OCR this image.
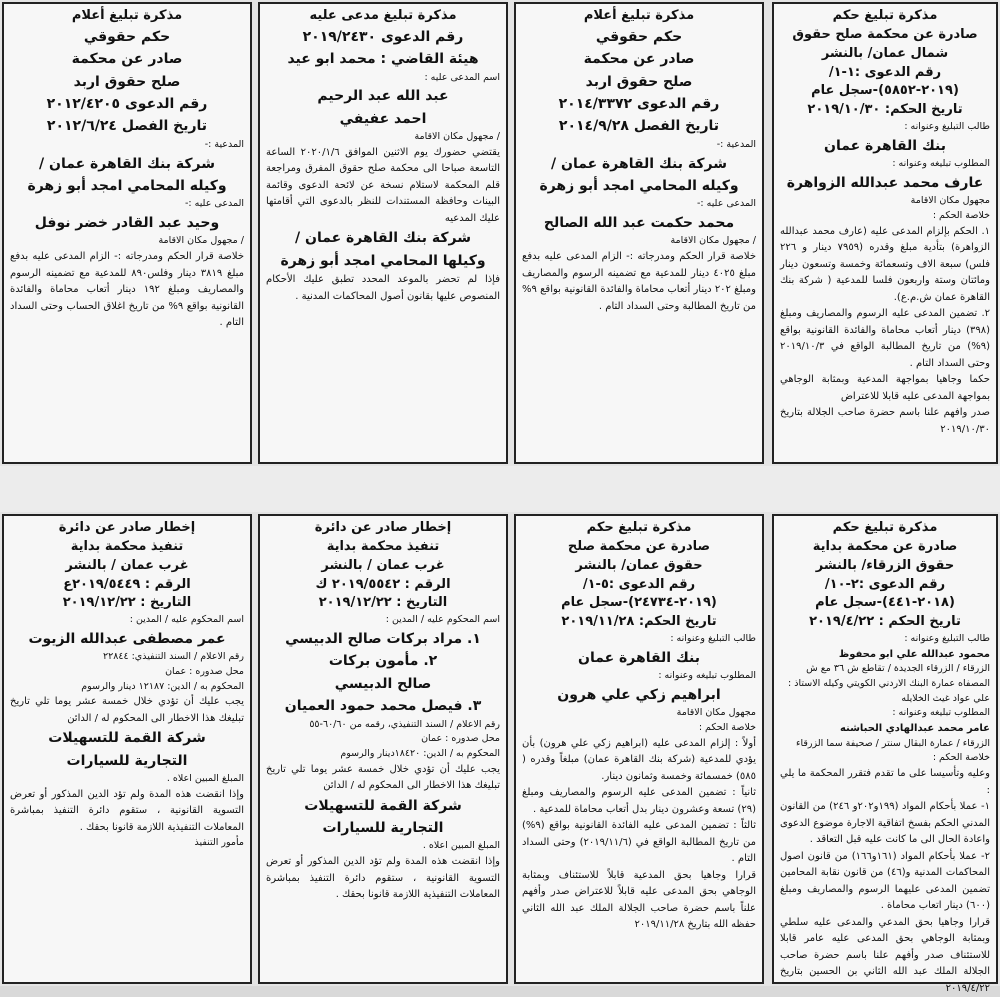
مذكرة تبليغ حكم
صادرة عن محكمة صلح حقوق
شمال عمان/ بالنشر
رقم الدعوى :١-١/
(٢٠١٩-٥٨٥٢)-سجل عام
تاريخ الحكم: ٢٠١٩/١٠/٣٠
طالب التبليغ وعنوانه :
بنك القاهرة عمان
المطلوب تبليغه وعنوانه :
عارف محمد عبدالله الزواهرة
مجهول مكان الاقامة
خلاصة الحكم :
١. الحكم بإلزام المدعى عليه (عارف محمد عبدالله الزواهرة) بتأدية مبلغ وقدره (٧٩٥٩ دينار و ٢٢٦ فلس) سبعة الاف وتسعمائة وخمسة وتسعون دينار ومائتان وستة واربعون فلسا للمدعية ( شركة بنك القاهرة عمان ش.م.ع).
٢. تضمين المدعى عليه الرسوم والمصاريف ومبلغ (٣٩٨) دينار أتعاب محاماة والفائدة القانونية بواقع (٩%) من تاريخ المطالبة الواقع في ٢٠١٩/١٠/٣ وحتى السداد التام .
حكما وجاهيا بمواجهة المدعية وبمثابة الوجاهي بمواجهة المدعى عليه قابلا للاعتراض
صدر وافهم علنا باسم حضرة صاحب الجلالة بتاريخ ٢٠١٩/١٠/٣٠
مذكرة تبليغ أعلام
حكم حقوقي
صادر عن محكمة
صلح حقوق اربد
رقم الدعوى ٢٠١٤/٣٣٧٢
تاريخ الفصل ٢٠١٤/٩/٢٨
المدعية :-
شركة بنك القاهرة عمان /
وكيله المحامي امجد أبو زهرة
المدعى عليه :-
محمد حكمت عبد الله الصالح
/ مجهول مكان الاقامة
خلاصة قرار الحكم ومدرجاته :- الزام المدعى عليه بدفع مبلغ ٤٠٢٥ دينار للمدعية مع تضمينه الرسوم والمصاريف ومبلغ ٢٠٢ دينار أتعاب محاماة والفائدة القانونية بواقع ٩% من تاريخ المطالبة وحتى السداد التام .
مذكرة تبليغ مدعى عليه
رقم الدعوى ٢٠١٩/٢٤٣٠
هيئة القاضي : محمد ابو عيد
اسم المدعى عليه :
عبد الله عبد الرحيم
احمد عفيفي
/ مجهول مكان الاقامة
يقتضي حضورك يوم الاثنين الموافق ٢٠٢٠/١/٦ الساعة التاسعة صباحا الى محكمة صلح حقوق المفرق ومراجعة قلم المحكمة لاستلام نسخة عن لائحة الدعوى وقائمة البينات وحافظة المستندات للنظر بالدعوى التي أقامتها عليك المدعيه
شركة بنك القاهرة عمان /
وكيلها المحامي امجد أبو زهرة
فإذا لم تحضر بالموعد المحدد تطبق عليك الأحكام المنصوص عليها بقانون أصول المحاكمات المدنية .
مذكرة تبليغ أعلام
حكم حقوقي
صادر عن محكمة
صلح حقوق اربد
رقم الدعوى ٢٠١٢/٤٢٠٥
تاريخ الفصل ٢٠١٢/٦/٢٤
المدعية :-
شركة بنك القاهرة عمان /
وكيله المحامي امجد أبو زهرة
المدعى عليه :-
وحيد عبد القادر خضر نوفل
/ مجهول مكان الاقامة
خلاصة قرار الحكم ومدرجاته :- الزام المدعى عليه بدفع مبلغ ٣٨١٩ دينار وفلس٨٩٠ للمدعية مع تضمينه الرسوم والمصاريف ومبلغ ١٩٢ دينار أتعاب محاماة والفائدة القانونية بواقع ٩% من تاريخ اغلاق الحساب وحتى السداد التام .
مذكرة تبليغ حكم
صادرة عن محكمة بداية
حقوق الزرقاء/ بالنشر
رقم الدعوى :٢-١٠/
(٢٠١٨-٤٤١)-سجل عام
تاريخ الحكم : ٢٠١٩/٤/٢٢
طالب التبليغ وعنوانه :
محمود عبدالله علي ابو محفوظ
الزرقاء / الزرقاء الجديدة / تقاطع ش ٣٦ مع ش المصفاه عمارة البنك الاردني الكويتي وكيله الاستاذ : علي عواد غيث الخلايله
المطلوب تبليغه وعنوانه :
عامر محمد عبدالهادي الحباشنه
الزرقاء / عمارة البقال سنتر / صحيفة سما الزرقاء
خلاصة الحكم :
وعليه وتأسيسا على ما تقدم فتقرر المحكمة ما يلي :
١- عملا بأحكام المواد (١٩٩و٢٠٢و ٢٤٦) من القانون المدني الحكم بفسخ اتفاقية الاجارة موضوع الدعوى واعادة الحال الى ما كانت عليه قبل التعاقد .
٢- عملا بأحكام المواد (١٦١و١٦٦) من قانون اصول المحاكمات المدنية و(٤٦) من قانون نقابة المحامين تضمين المدعى عليهما الرسوم والمصاريف ومبلغ (٦٠٠) دينار اتعاب محاماة .
قرارا وجاهيا بحق المدعي والمدعى عليه سلطي وبمثابة الوجاهي بحق المدعى عليه عامر قابلا للاستئناف صدر وأفهم علنا باسم حضرة صاحب الجلالة الملك عبد الله الثاني بن الحسين بتاريخ ٢٠١٩/٤/٢٢
مذكرة تبليغ حكم
صادرة عن محكمة صلح
حقوق عمان/ بالنشر
رقم الدعوى :٥-١/
(٢٠١٩-٢٤٧٣٤)-سجل عام
تاريخ الحكم: ٢٠١٩/١١/٢٨
طالب التبليغ وعنوانه :
بنك القاهرة عمان
المطلوب تبليغه وعنوانه :
ابراهيم زكي علي هرون
مجهول مكان الاقامة
خلاصة الحكم :
أولاً : إلزام المدعى عليه (ابراهيم زكي علي هرون) بأن يؤدي للمدعية (شركة بنك القاهرة عمان) مبلغاً وقدره ( ٥٨٥) خمسمائة وخمسة وثمانون دينار.
ثانياً : تضمين المدعى عليه الرسوم والمصاريف ومبلغ (٢٩) تسعة وعشرون دينار بدل أتعاب محاماة للمدعية .
ثالثاً : تضمين المدعى عليه الفائدة القانونية بواقع (٩%) من تاريخ المطالبة الواقع في (٢٠١٩/١١/٦) وحتى السداد التام .
قرارا وجاهيا بحق المدعية قابلاً للاستئناف وبمثابة الوجاهي بحق المدعى عليه قابلاً للاعتراض صدر وأفهم علناً باسم حضرة صاحب الجلالة الملك عبد الله الثاني حفظه الله بتاريخ ٢٠١٩/١١/٢٨
إخطار صادر عن دائرة
تنفيذ محكمة بداية
غرب عمان / بالنشر
الرقم : ٢٠١٩/٥٥٤٢ ك
التاريخ : ٢٠١٩/١٢/٢٢
اسم المحكوم عليه / المدين :
١. مراد بركات صالح الدبيسي
٢. مأمون بركات
صالح الدبيسي
٣. فيصل محمد حمود العميان
رقم الاعلام / السند التنفيذي، رقمه من ٦٠/٦٠-٥٥
محل صدوره : عمان
المحكوم به / الدين: ١٨٤٢٠دينار والرسوم
يجب عليك أن تؤدي خلال خمسة عشر يوما تلي تاريخ تبليغك هذا الاخطار الى المحكوم له / الدائن
شركة القمة للتسهيلات
التجارية للسيارات
المبلغ المبين اعلاه .
وإذا انقضت هذه المدة ولم تؤد الدين المذكور أو تعرض التسوية القانونية ، ستقوم دائرة التنفيذ بمباشرة المعاملات التنفيذية اللازمة قانونا بحقك .
إخطار صادر عن دائرة
تنفيذ محكمة بداية
غرب عمان / بالنشر
الرقم : ٢٠١٩/٥٤٤٩ع
التاريخ : ٢٠١٩/١٢/٢٢
اسم المحكوم عليه / المدين :
عمر مصطفى عبدالله الزيوت
رقم الاعلام / السند التنفيذي: ٢٢٨٤٤
محل صدوره : عمان
المحكوم به / الدين: ١٢١٨٧ دينار والرسوم
يجب عليك أن تؤدي خلال خمسة عشر يوما تلي تاريخ تبليغك هذا الاخطار الى المحكوم له / الدائن
شركة القمة للتسهيلات
التجارية للسيارات
المبلغ المبين اعلاه .
وإذا انقضت هذه المدة ولم تؤد الدين المذكور أو تعرض التسوية القانونية ، ستقوم دائرة التنفيذ بمباشرة المعاملات التنفيذية اللازمة قانونا بحقك .
مأمور التنفيذ
